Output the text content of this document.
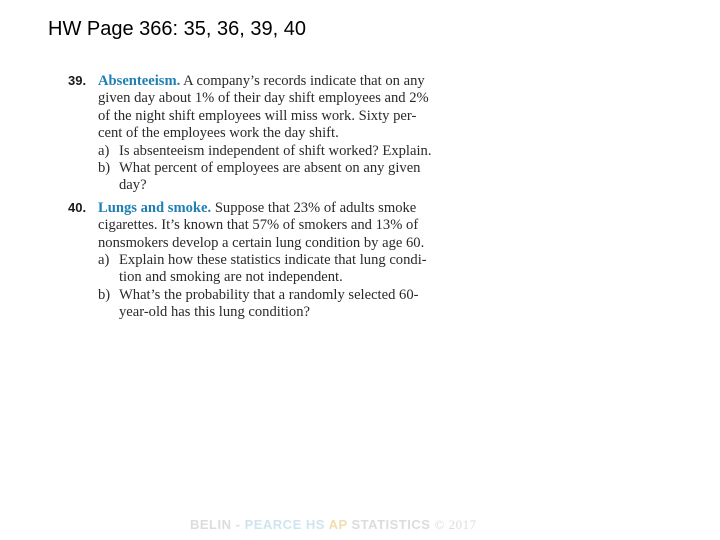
HW Page 366: 35, 36, 39, 40
39. Absenteeism. A company’s records indicate that on any
given day about 1% of their day shift employees and 2%
of the night shift employees will miss work. Sixty per-
cent of the employees work the day shift.
a) Is absenteeism independent of shift worked? Explain.
b) What percent of employees are absent on any given
day?
40. Lungs and smoke. Suppose that 23% of adults smoke
cigarettes. It’s known that 57% of smokers and 13% of
nonsmokers develop a certain lung condition by age 60.
a) Explain how these statistics indicate that lung condi-
tion and smoking are not independent.
b) What’s the probability that a randomly selected 60-
year-old has this lung condition?
BELIN - PEARCE HS AP STATISTICS © 2017
